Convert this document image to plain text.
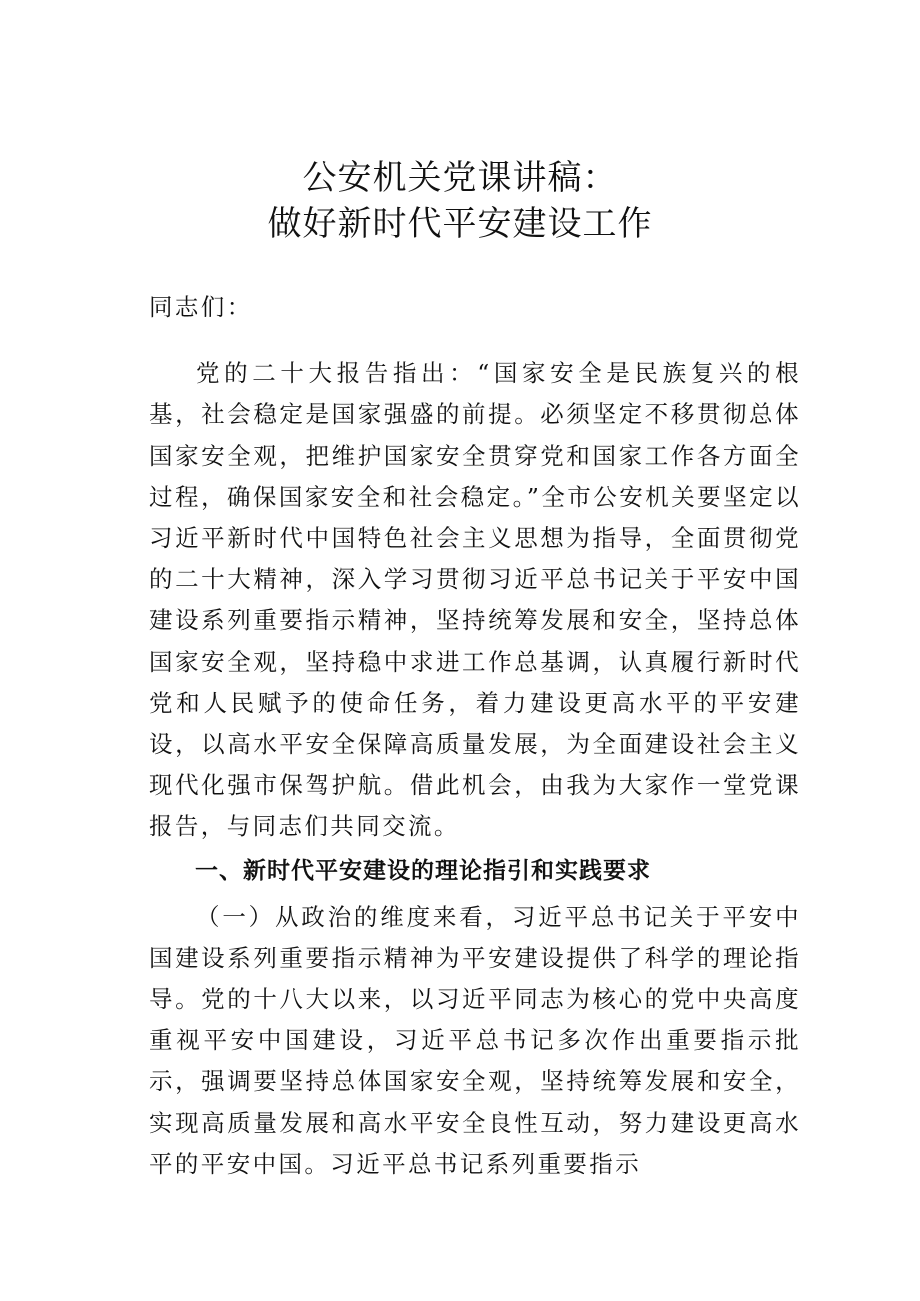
公安机关党课讲稿：
做好新时代平安建设工作

同志们：

党的二十大报告指出：“国家安全是民族复兴的根基，社会稳定是国家强盛的前提。必须坚定不移贯彻总体国家安全观，把维护国家安全贯穿党和国家工作各方面全过程，确保国家安全和社会稳定。”全市公安机关要坚定以习近平新时代中国特色社会主义思想为指导，全面贯彻党的二十大精神，深入学习贯彻习近平总书记关于平安中国建设系列重要指示精神，坚持统筹发展和安全，坚持总体国家安全观，坚持稳中求进工作总基调，认真履行新时代党和人民赋予的使命任务，着力建设更高水平的平安建设，以高水平安全保障高质量发展，为全面建设社会主义现代化强市保驾护航。借此机会，由我为大家作一堂党课报告，与同志们共同交流。

一、新时代平安建设的理论指引和实践要求

（一）从政治的维度来看，习近平总书记关于平安中国建设系列重要指示精神为平安建设提供了科学的理论指导。党的十八大以来，以习近平同志为核心的党中央高度重视平安中国建设，习近平总书记多次作出重要指示批示，强调要坚持总体国家安全观，坚持统筹发展和安全，实现高质量发展和高水平安全良性互动，努力建设更高水平的平安中国。习近平总书记系列重要指示
